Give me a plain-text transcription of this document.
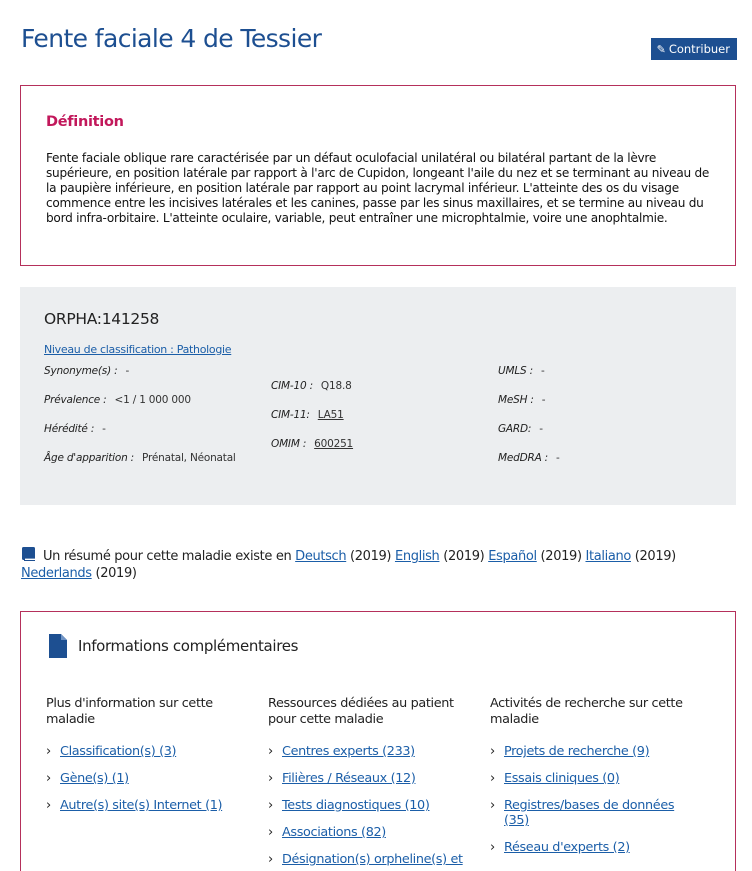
Fente faciale 4 de Tessier	✎ Contribuer
Définition

Fente faciale oblique rare caractérisée par un défaut oculofacial unilatéral ou bilatéral partant de la lèvre supérieure, en position latérale par rapport à l'arc de Cupidon, longeant l'aile du nez et se terminant au niveau de la paupière inférieure, en position latérale par rapport au point lacrymal inférieur. L'atteinte des os du visage commence entre les incisives latérales et les canines, passe par les sinus maxillaires, et se termine au niveau du bord infra-orbitaire. L'atteinte oculaire, variable, peut entraîner une microphtalmie, voire une anophtalmie.

ORPHA:141258
Niveau de classification : Pathologie
Synonyme(s) : -
Prévalence : <1 / 1 000 000
Hérédité : -
Âge d'apparition : Prénatal, Néonatal
CIM-10 : Q18.8
CIM-11: LA51
OMIM : 600251
UMLS : -
MeSH : -
GARD: -
MedDRA : -
Un résumé pour cette maladie existe en Deutsch (2019) English (2019) Español (2019) Italiano (2019) Nederlands (2019)
Informations complémentaires
Plus d'information sur cette maladie
› Classification(s) (3)
› Gène(s) (1)
› Autre(s) site(s) Internet (1)
Ressources dédiées au patient pour cette maladie
› Centres experts (233)
› Filières / Réseaux (12)
› Tests diagnostiques (10)
› Associations (82)
› Désignation(s) orpheline(s) et
Activités de recherche sur cette maladie
› Projets de recherche (9)
› Essais cliniques (0)
› Registres/bases de données (35)
› Réseau d'experts (2)
